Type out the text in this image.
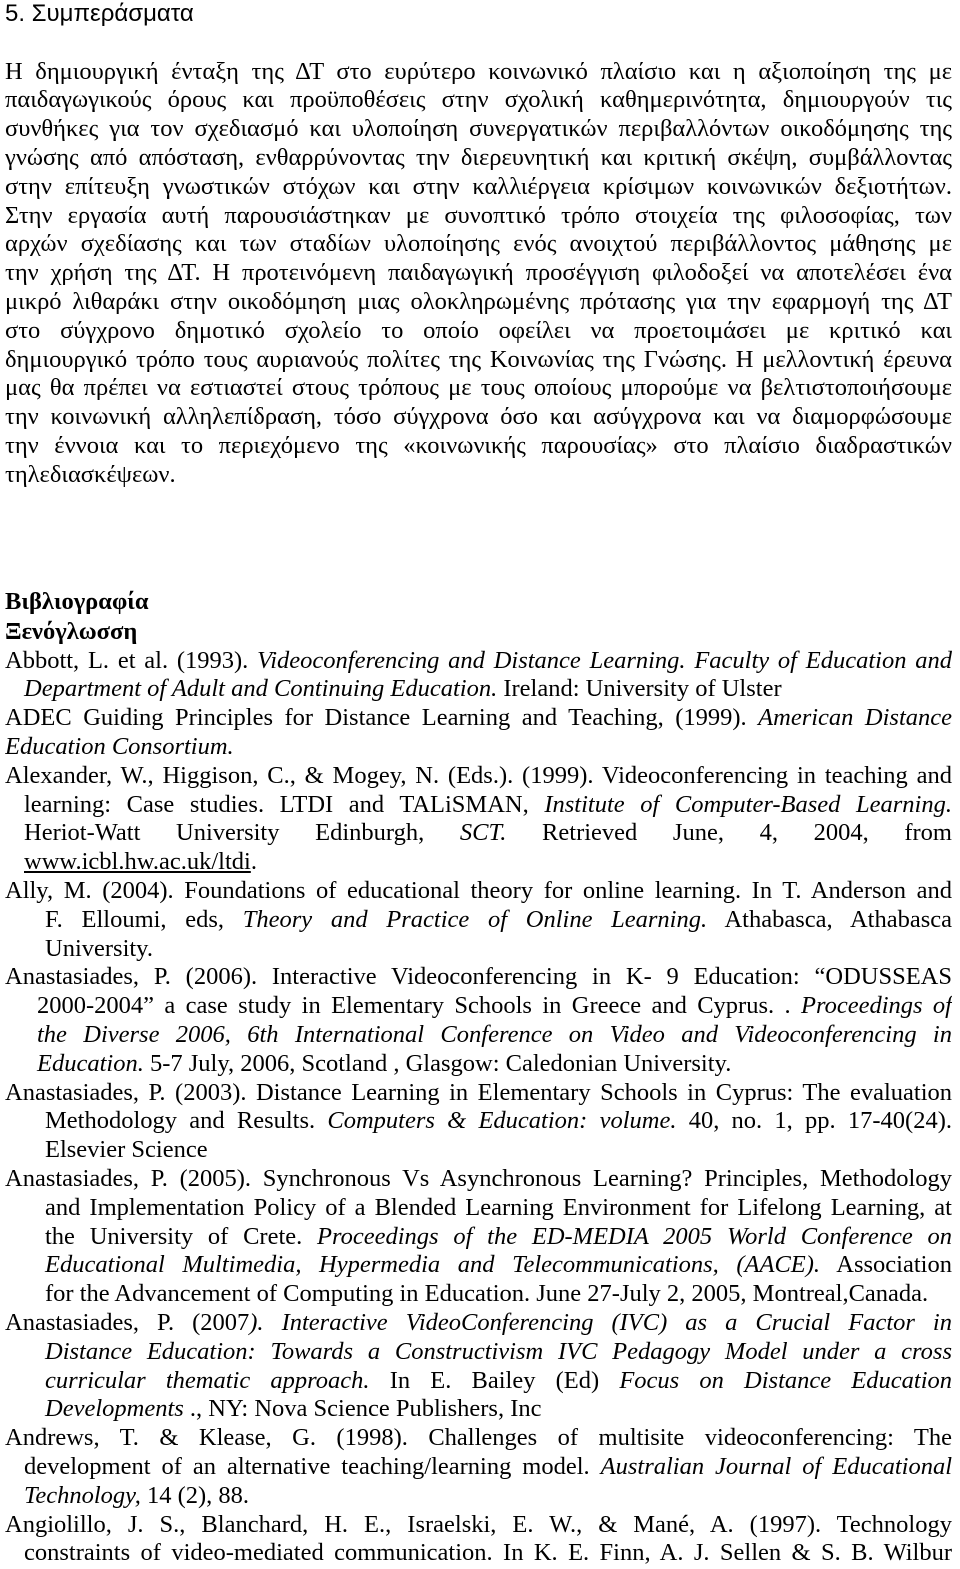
5. Συμπεράσματα
Η δημιουργική ένταξη της ΔΤ στο ευρύτερο κοινωνικό πλαίσιο και η αξιοποίηση της με
παιδαγωγικούς όρους και προϋποθέσεις στην σχολική καθημερινότητα, δημιουργούν τις
συνθήκες για τον σχεδιασμό και υλοποίηση συνεργατικών περιβαλλόντων οικοδόμησης της
γνώσης από απόσταση, ενθαρρύνοντας την διερευνητική και κριτική σκέψη, συμβάλλοντας
στην επίτευξη γνωστικών στόχων και στην καλλιέργεια κρίσιμων κοινωνικών δεξιοτήτων.
Στην εργασία αυτή παρουσιάστηκαν με συνοπτικό τρόπο στοιχεία της φιλοσοφίας, των
αρχών σχεδίασης και των σταδίων υλοποίησης ενός ανοιχτού περιβάλλοντος μάθησης με
την χρήση της ΔΤ. Η προτεινόμενη παιδαγωγική προσέγγιση φιλοδοξεί να αποτελέσει ένα
μικρό λιθαράκι στην οικοδόμηση μιας ολοκληρωμένης πρότασης για την εφαρμογή της ΔΤ
στο σύγχρονο δημοτικό σχολείο το οποίο οφείλει να προετοιμάσει με κριτικό και
δημιουργικό τρόπο τους αυριανούς πολίτες της Κοινωνίας της Γνώσης. Η μελλοντική έρευνα
μας θα πρέπει να εστιαστεί στους τρόπους με τους οποίους μπορούμε να βελτιστοποιήσουμε
την κοινωνική αλληλεπίδραση, τόσο σύγχρονα όσο και ασύγχρονα και να διαμορφώσουμε
την έννοια και το περιεχόμενο της «κοινωνικής παρουσίας» στο πλαίσιο διαδραστικών
τηλεδιασκέψεων.
Βιβλιογραφία
Ξενόγλωσση
Abbott, L. et al. (1993). Videoconferencing and Distance Learning. Faculty of Education and
Department of Adult and Continuing Education. Ireland: University of Ulster
ADEC Guiding Principles for Distance Learning and Teaching, (1999). American Distance
Education Consortium.
Alexander, W., Higgison, C., & Mogey, N. (Eds.). (1999). Videoconferencing in teaching and
learning: Case studies. LTDI and TALiSMAN, Institute of Computer-Based Learning.
Heriot-Watt University Edinburgh, SCT. Retrieved June, 4, 2004, from
www.icbl.hw.ac.uk/ltdi.
Ally, M. (2004). Foundations of educational theory for online learning. In T. Anderson and
F. Elloumi, eds, Theory and Practice of Online Learning. Athabasca, Athabasca
University.
Anastasiades, P. (2006). Interactive Videoconferencing in K- 9 Education: “ODUSSEAS
2000-2004” a case study in Elementary Schools in Greece and Cyprus. . Proceedings of
the Diverse 2006, 6th International Conference on Video and Videoconferencing in
Education. 5-7 July, 2006, Scotland , Glasgow: Caledonian University.
Anastasiades, P. (2003). Distance Learning in Elementary Schools in Cyprus: The evaluation
Methodology and Results. Computers & Education: volume. 40, no. 1, pp. 17-40(24).
Elsevier Science
Anastasiades, P. (2005). Synchronous Vs Asynchronous Learning? Principles, Methodology
and Implementation Policy of a Blended Learning Environment for Lifelong Learning, at
the University of Crete. Proceedings of the ED-MEDIA 2005 World Conference on
Educational Multimedia, Hypermedia and Telecommunications, (AACE). Association
for the Advancement of Computing in Education. June 27-July 2, 2005, Montreal,Canada.
Anastasiades, P. (2007). Interactive VideoConferencing (IVC) as a Crucial Factor in
Distance Education: Towards a Constructivism IVC Pedagogy Model under a cross
curricular thematic approach. In E. Bailey (Ed) Focus on Distance Education
Developments ., NY: Nova Science Publishers, Inc
Andrews, T. & Klease, G. (1998). Challenges of multisite videoconferencing: The
development of an alternative teaching/learning model. Australian Journal of Educational
Technology, 14 (2), 88.
Angiolillo, J. S., Blanchard, H. E., Israelski, E. W., & Mané, A. (1997). Technology
constraints of video-mediated communication. In K. E. Finn, A. J. Sellen & S. B. Wilbur
